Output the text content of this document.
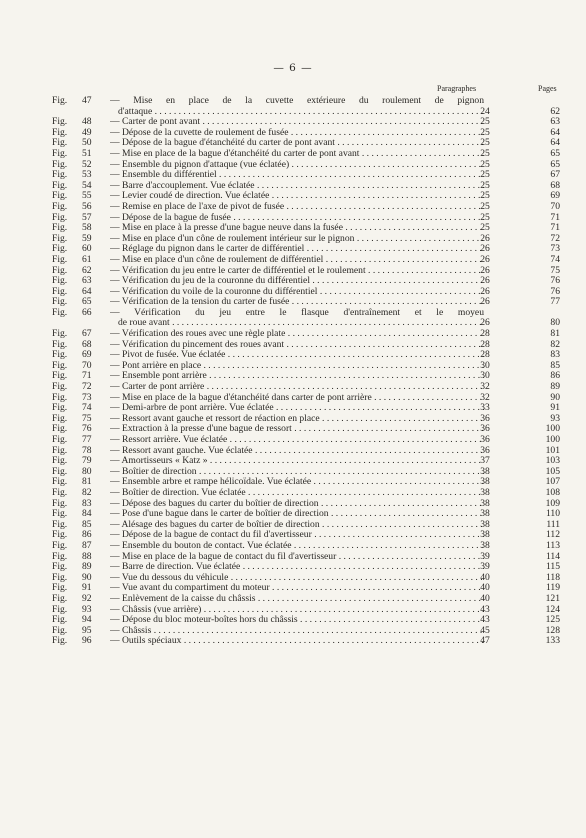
— 6 —
Paragraphes	Pages
Fig.	47	— Mise en place de la cuvette extérieure du roulement de pignon
d'attaque . . .	24	62
Fig.	48	— Carter de pont avant . . .	25	63
Fig.	49	— Dépose de la cuvette de roulement de fusée . . .	25	64
Fig.	50	— Dépose de la bague d'étanchéité du carter de pont avant . . .	25	64
Fig.	51	— Mise en place de la bague d'étanchéité du carter de pont avant . . .	25	65
Fig.	52	— Ensemble du pignon d'attaque (vue éclatée) . . .	25	65
Fig.	53	— Ensemble du différentiel . . .	25	67
Fig.	54	— Barre d'accouplement. Vue éclatée . . .	25	68
Fig.	55	— Levier coudé de direction. Vue éclatée . . .	25	69
Fig.	56	— Remise en place de l'axe de pivot de fusée . . .	25	70
Fig.	57	— Dépose de la bague de fusée . . .	25	71
Fig.	58	— Mise en place à la presse d'une bague neuve dans la fusée . . .	25	71
Fig.	59	— Mise en place d'un cône de roulement intérieur sur le pignon . . .	26	72
Fig.	60	— Réglage du pignon dans le carter de différentiel . . .	26	73
Fig.	61	— Mise en place d'un cône de roulement de différentiel . . .	26	74
Fig.	62	— Vérification du jeu entre le carter de différentiel et le roulement . . .	26	75
Fig.	63	— Vérification du jeu de la couronne du différentiel . . .	26	76
Fig.	64	— Vérification du voile de la couronne du différentiel . . .	26	76
Fig.	65	— Vérification de la tension du carter de fusée . . .	26	77
Fig.	66	— Vérification du jeu entre le flasque d'entraînement et le moyeu
de roue avant . . .	26	80
Fig.	67	— Vérification des roues avec une règle plate . . .	28	81
Fig.	68	— Vérification du pincement des roues avant . . .	28	82
Fig.	69	— Pivot de fusée. Vue éclatée . . .	28	83
Fig.	70	— Pont arrière en place . . .	30	85
Fig.	71	— Ensemble pont arrière . . .	30	86
Fig.	72	— Carter de pont arrière . . .	32	89
Fig.	73	— Mise en place de la bague d'étanchéité dans carter de pont arrière . . .	32	90
Fig.	74	— Demi-arbre de pont arrière. Vue éclatée . . .	33	91
Fig.	75	— Ressort avant gauche et ressort de réaction en place . . .	36	93
Fig.	76	— Extraction à la presse d'une bague de ressort . . .	36	100
Fig.	77	— Ressort arrière. Vue éclatée . . .	36	100
Fig.	78	— Ressort avant gauche. Vue éclatée . . .	36	101
Fig.	79	— Amortisseurs « Katz » . . .	37	103
Fig.	80	— Boîtier de direction . . .	38	105
Fig.	81	— Ensemble arbre et rampe hélicoïdale. Vue éclatée . . .	38	107
Fig.	82	— Boîtier de direction. Vue éclatée . . .	38	108
Fig.	83	— Dépose des bagues du carter du boîtier de direction . . .	38	109
Fig.	84	— Pose d'une bague dans le carter de boîtier de direction . . .	38	110
Fig.	85	— Alésage des bagues du carter de boîtier de direction . . .	38	111
Fig.	86	— Dépose de la bague de contact du fil d'avertisseur . . .	38	112
Fig.	87	— Ensemble du bouton de contact. Vue éclatée . . .	38	113
Fig.	88	— Mise en place de la bague de contact du fil d'avertisseur . . .	39	114
Fig.	89	— Barre de direction. Vue éclatée . . .	39	115
Fig.	90	— Vue du dessous du véhicule . . .	40	118
Fig.	91	— Vue avant du compartiment du moteur . . .	40	119
Fig.	92	— Enlèvement de la caisse du châssis . . .	40	121
Fig.	93	— Châssis (vue arrière) . . .	43	124
Fig.	94	— Dépose du bloc moteur-boîtes hors du châssis . . .	43	125
Fig.	95	— Châssis . . .	45	128
Fig.	96	— Outils spéciaux . . .	47	133
